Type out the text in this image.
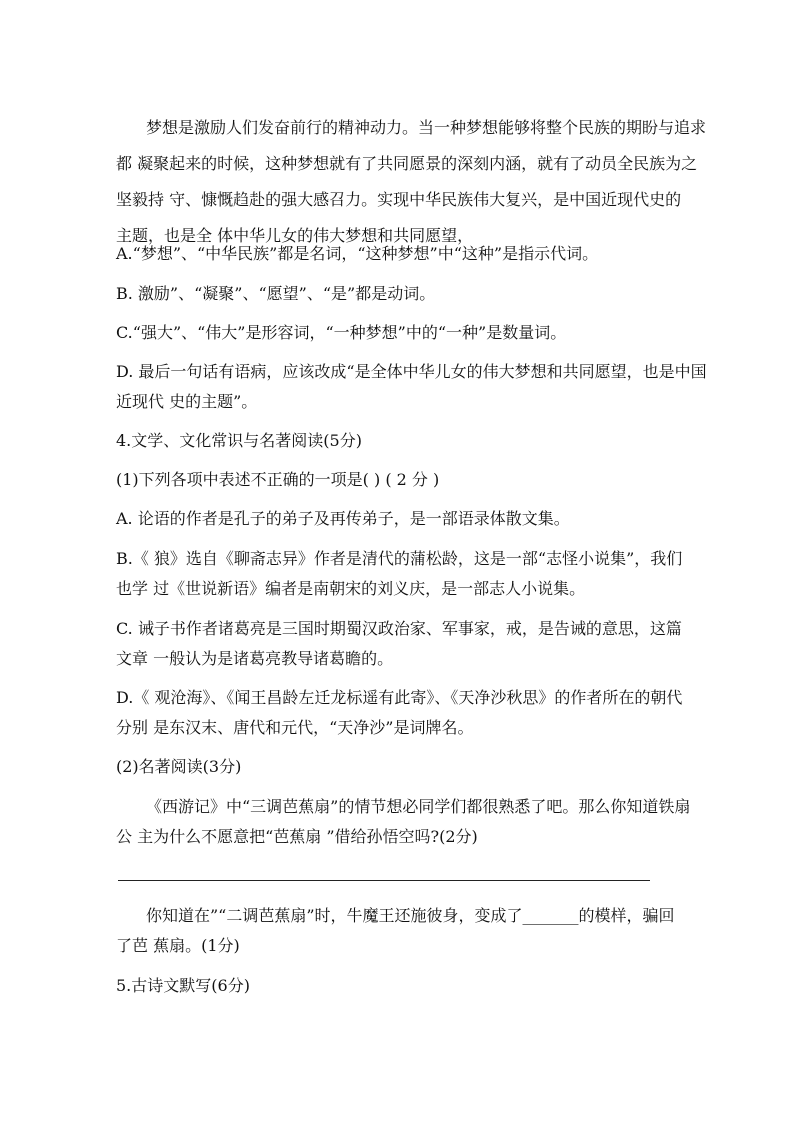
梦想是激励人们发奋前行的精神动力。当一种梦想能够将整个民族的期盼与追求
都 凝聚起来的时候，这种梦想就有了共同愿景的深刻内涵，就有了动员全民族为之
坚毅持 守、慷慨趋赴的强大感召力。实现中华民族伟大复兴，是中国近现代史的
主题，也是全 体中华儿女的伟大梦想和共同愿望，
A.“梦想”、“中华民族”都是名词，“这种梦想”中“这种”是指示代词。
B. 激励”、“凝聚”、“愿望”、“是”都是动词。
C.“强大”、“伟大”是形容词，“一种梦想”中的“一种”是数量词。
D. 最后一句话有语病，应该改成“是全体中华儿女的伟大梦想和共同愿望，也是中国
近现代 史的主题”。
4.文学、文化常识与名著阅读(5分)
(1)下列各项中表述不正确的一项是( ) ( 2 分 )
A. 论语的作者是孔子的弟子及再传弟子，是一部语录体散文集。
B.《 狼》选自《聊斋志异》作者是清代的蒲松龄，这是一部“志怪小说集”，我们
也学 过《世说新语》编者是南朝宋的刘义庆，是一部志人小说集。
C. 诫子书作者诸葛亮是三国时期蜀汉政治家、军事家，戒，是告诫的意思，这篇
文章 一般认为是诸葛亮教导诸葛瞻的。
D.《 观沧海》、《闻王昌龄左迁龙标遥有此寄》、《天净沙秋思》的作者所在的朝代
分别 是东汉末、唐代和元代，“天净沙”是词牌名。
(2)名著阅读(3分)
《西游记》中“三调芭蕉扇”的情节想必同学们都很熟悉了吧。那么你知道铁扇
公 主为什么不愿意把“芭蕉扇 ”借给孙悟空吗?(2分)
你知道在”“二调芭蕉扇”时，牛魔王还施彼身，变成了_______的模样，骗回
了芭 蕉扇。(1分)
5.古诗文默写(6分)
